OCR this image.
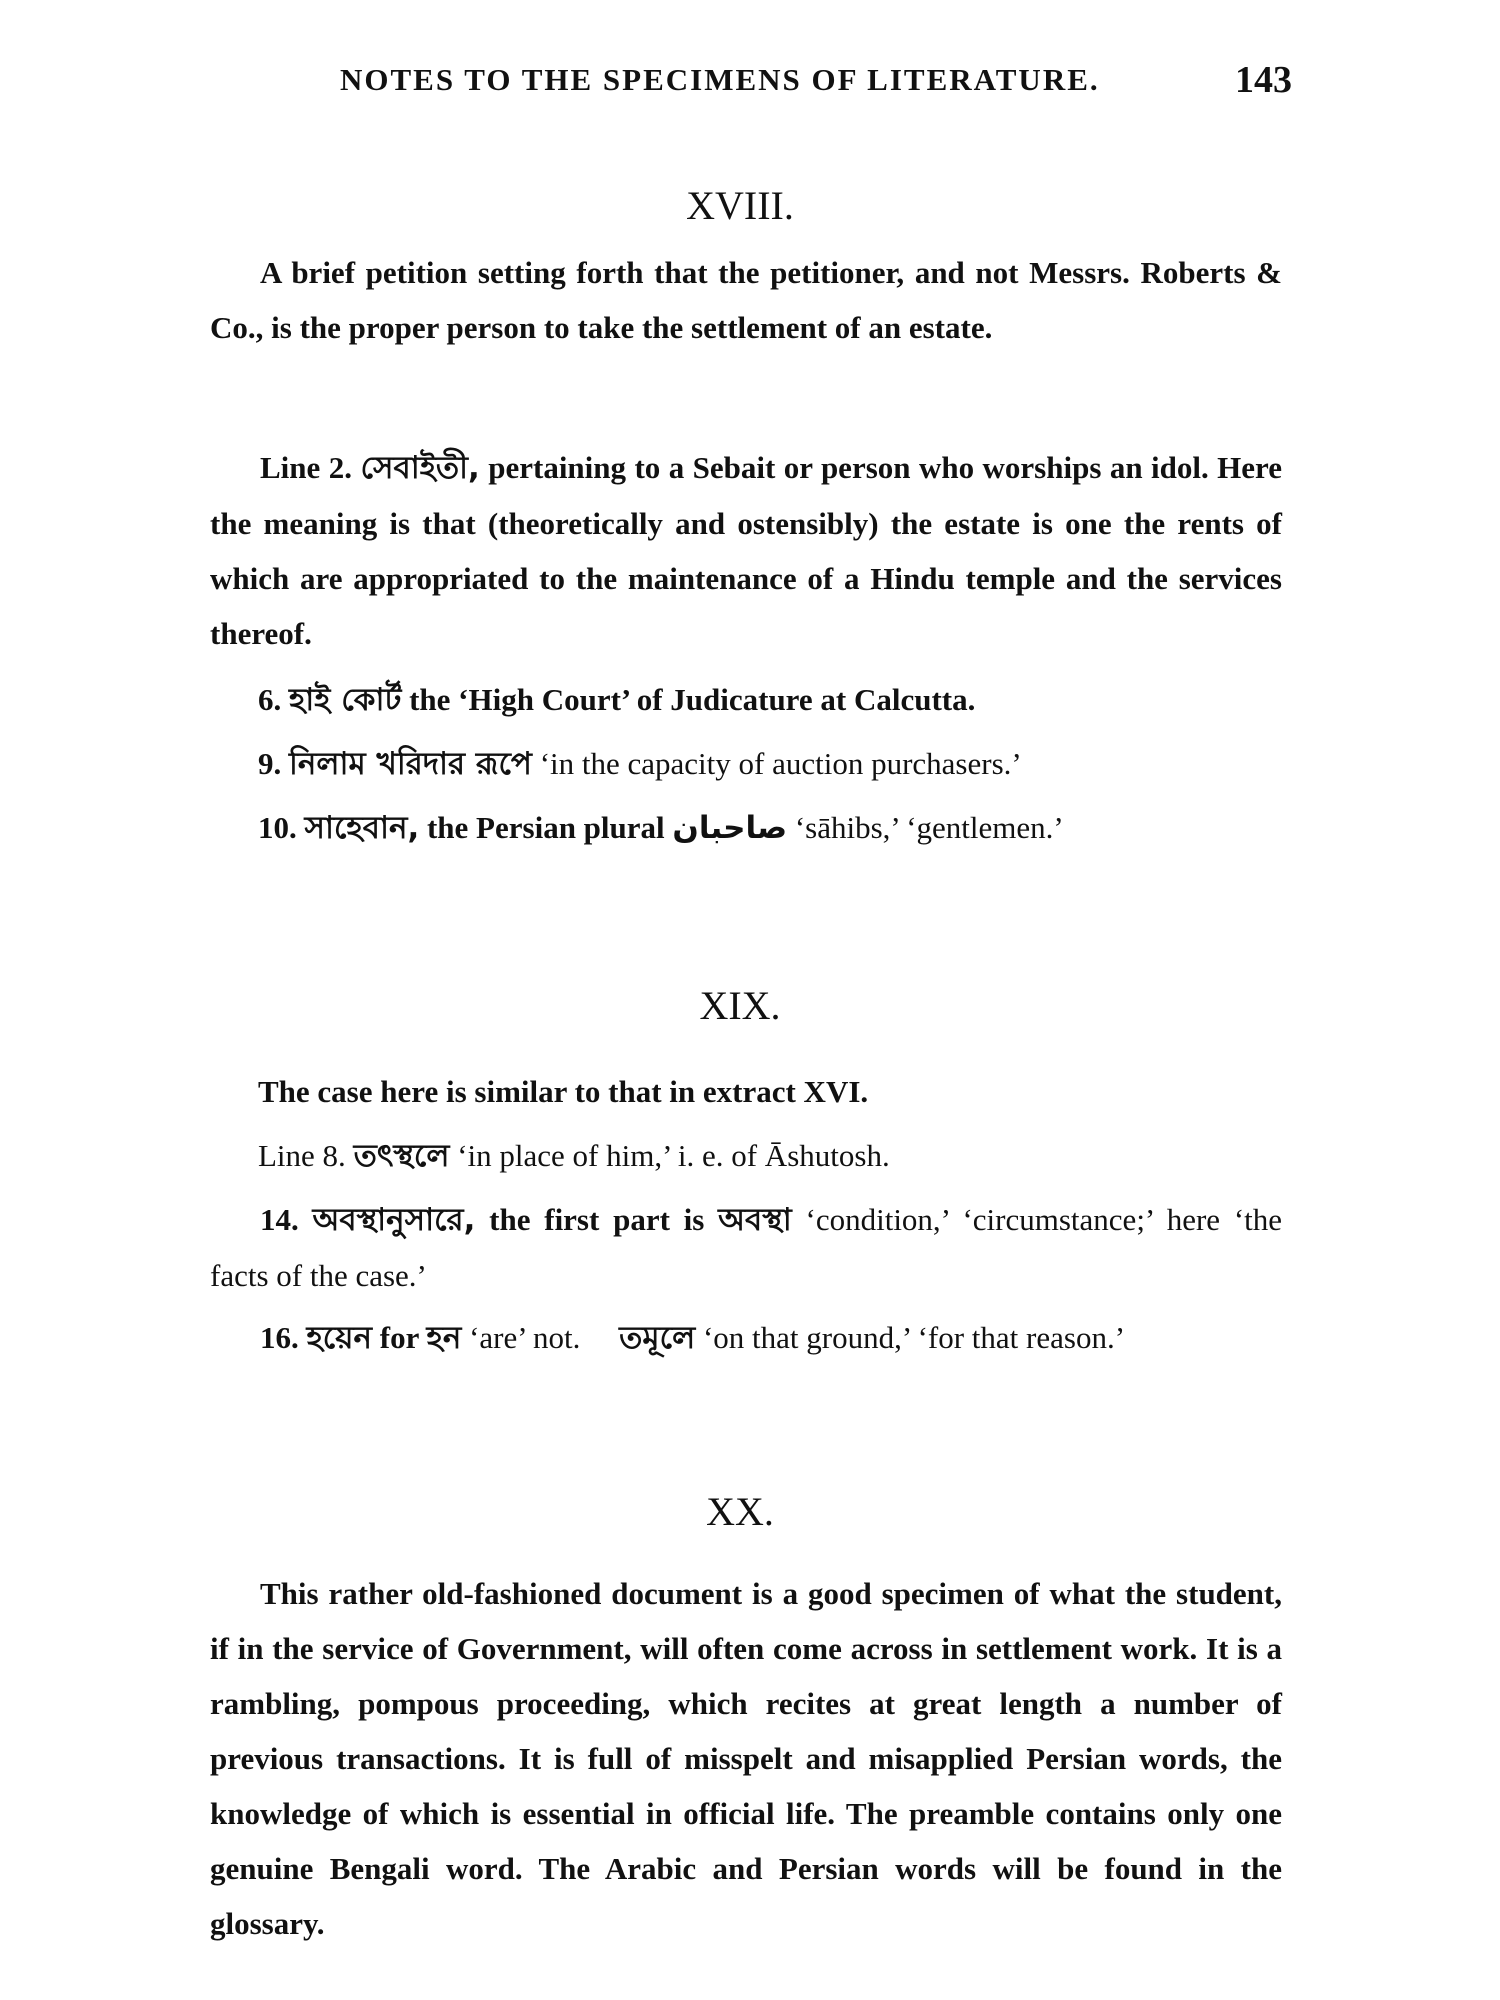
NOTES TO THE SPECIMENS OF LITERATURE.	143
XVIII.

A brief petition setting forth that the petitioner, and not Messrs. Roberts & Co., is the proper person to take the settlement of an estate.

Line 2. সেবাইতী, pertaining to a Sebait or person who worships an idol. Here the meaning is that (theoretically and ostensibly) the estate is one the rents of which are appropriated to the maintenance of a Hindu temple and the services thereof.

6. হাই কোর্ট the ‘High Court’ of Judicature at Calcutta.
9. নিলাম খরিদার রূপে ‘in the capacity of auction purchasers.’
10. সাহেবান, the Persian plural صاحبان ‘sāhibs,’ ‘gentlemen.’
XIX.
The case here is similar to that in extract XVI.
Line 8. তৎস্থলে ‘in place of him,’ i. e. of Āshutosh.

14. অবস্থানুসারে, the first part is অবস্থা ‘condition,’ ‘circumstance;’ here ‘the facts of the case.’

16. হয়েন for হন ‘are’ not. তমূলে ‘on that ground,’ ‘for that reason.’

XX.

This rather old-fashioned document is a good specimen of what the student, if in the service of Government, will often come across in settlement work. It is a rambling, pompous proceeding, which recites at great length a number of previous transactions. It is full of misspelt and misapplied Persian words, the knowledge of which is essential in official life. The preamble contains only one genuine Bengali word. The Arabic and Persian words will be found in the glossary.
